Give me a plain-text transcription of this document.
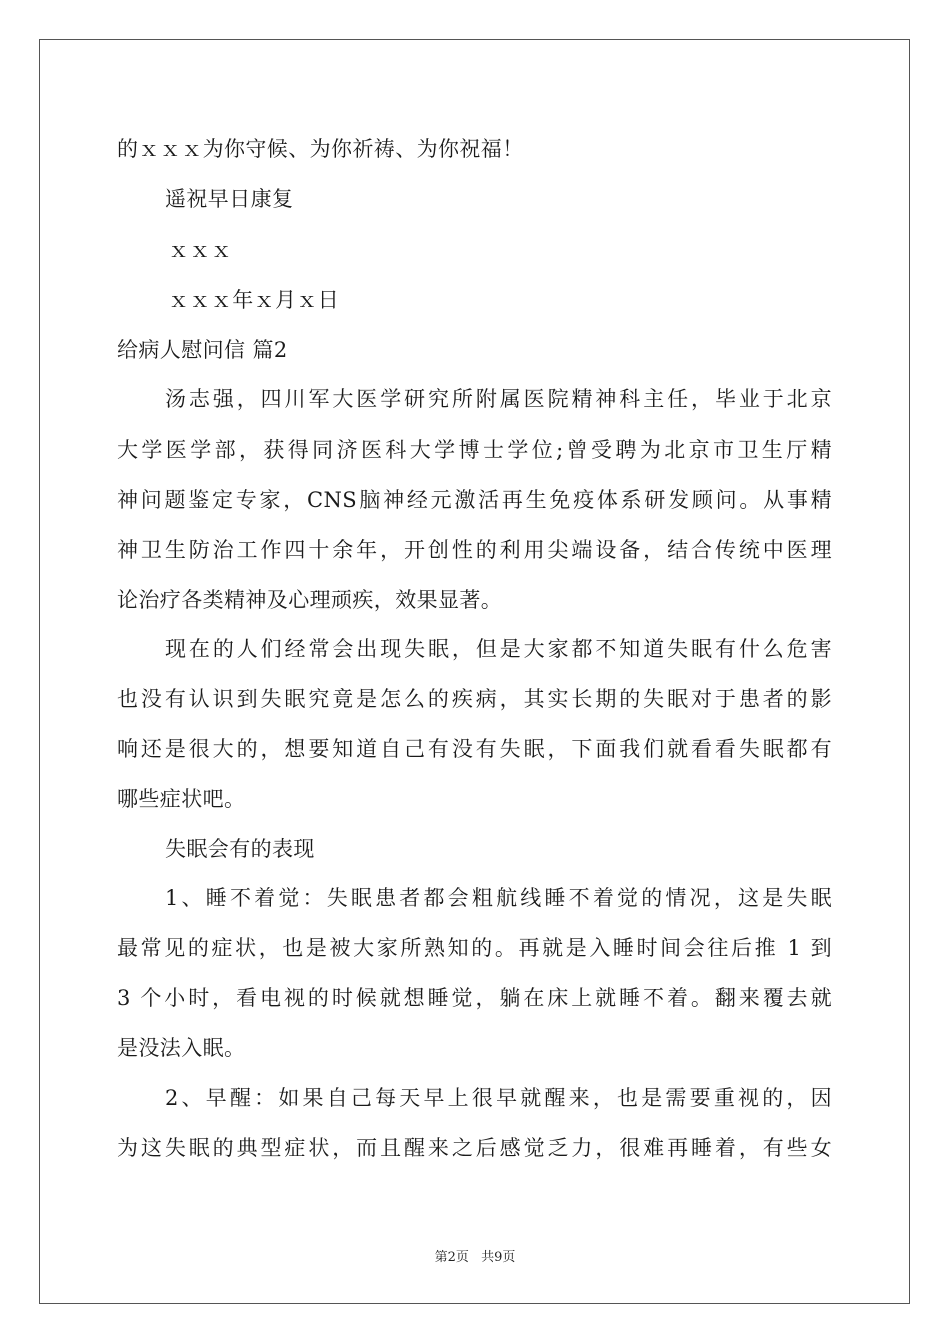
的ｘｘｘ为你守候、为你祈祷、为你祝福！
遥祝早日康复
ｘｘｘ
ｘｘｘ年ｘ月ｘ日
给病人慰问信 篇2
汤志强，四川军大医学研究所附属医院精神科主任，毕业于北京
大学医学部，获得同济医科大学博士学位;曾受聘为北京市卫生厅精
神问题鉴定专家，CNS脑神经元激活再生免疫体系研发顾问。从事精
神卫生防治工作四十余年，开创性的利用尖端设备，结合传统中医理
论治疗各类精神及心理顽疾，效果显著。
现在的人们经常会出现失眠，但是大家都不知道失眠有什么危害
也没有认识到失眠究竟是怎么的疾病，其实长期的失眠对于患者的影
响还是很大的，想要知道自己有没有失眠，下面我们就看看失眠都有
哪些症状吧。
失眠会有的表现
1、睡不着觉：失眠患者都会粗航线睡不着觉的情况，这是失眠
最常见的症状，也是被大家所熟知的。再就是入睡时间会往后推 1 到
3 个小时，看电视的时候就想睡觉，躺在床上就睡不着。翻来覆去就
是没法入眠。
2、早醒：如果自己每天早上很早就醒来，也是需要重视的，因
为这失眠的典型症状，而且醒来之后感觉乏力，很难再睡着，有些女
第2页 共9页
